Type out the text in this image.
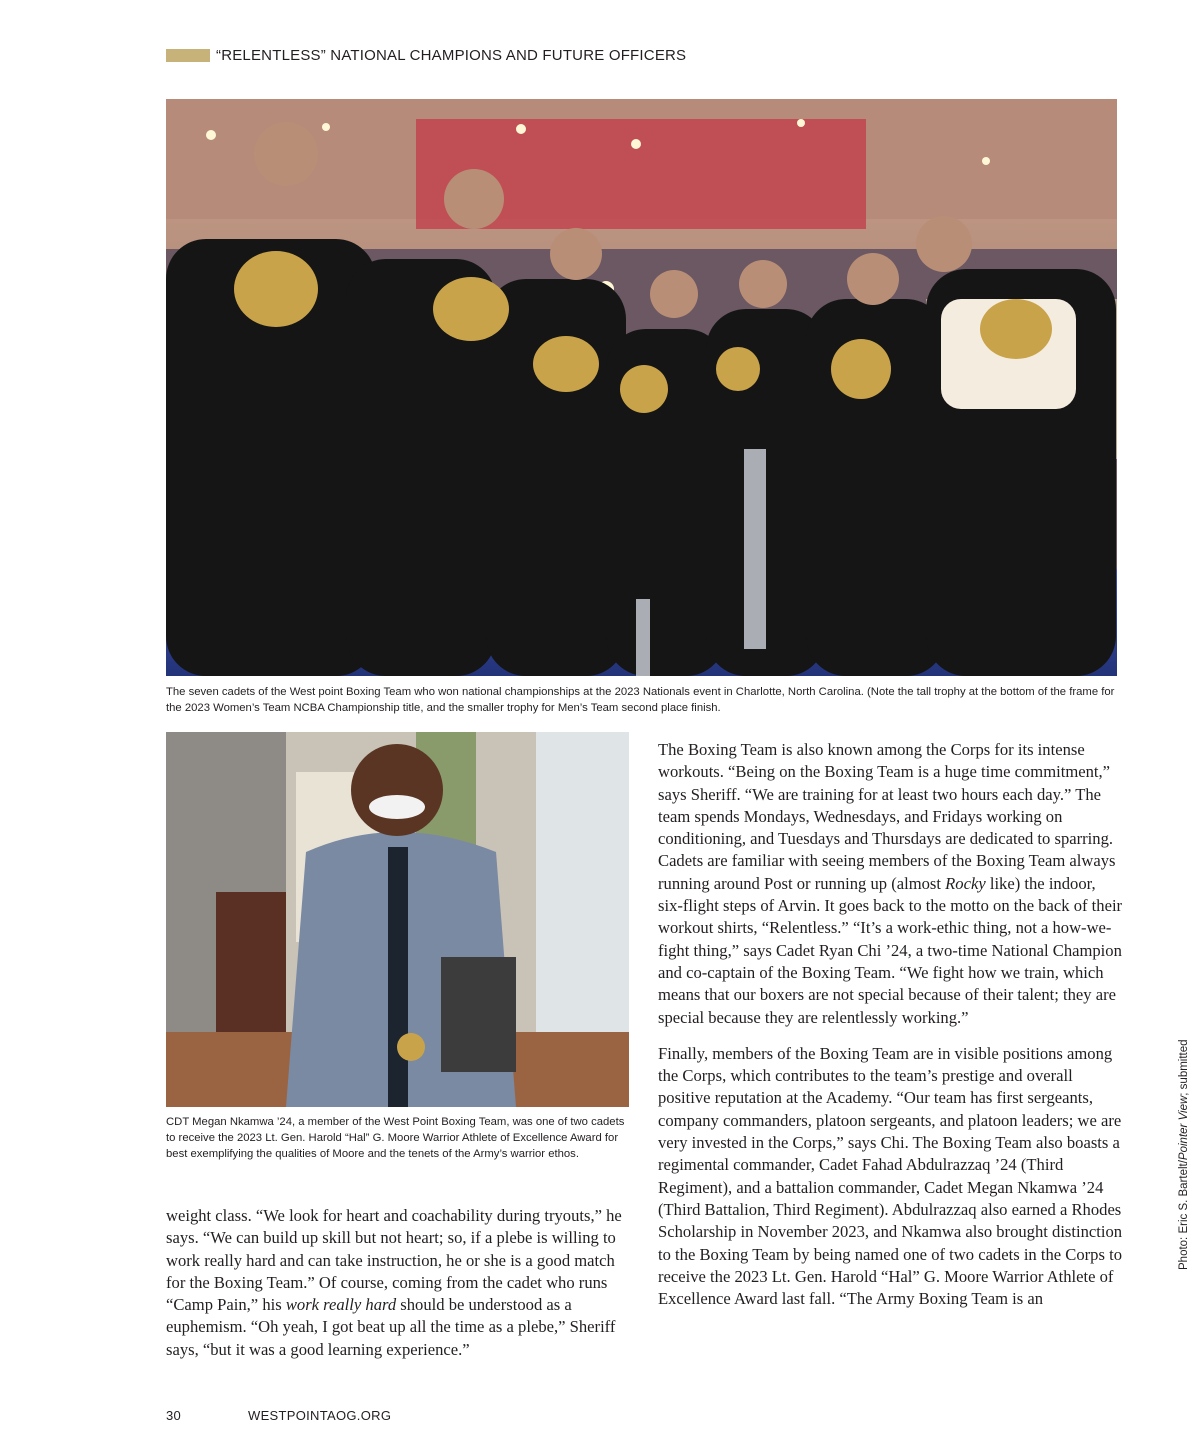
“RELENTLESS” NATIONAL CHAMPIONS AND FUTURE OFFICERS
The seven cadets of the West point Boxing Team who won national championships at the 2023 Nationals event in Charlotte, North Carolina. (Note the tall trophy at the bottom of the frame for the 2023 Women’s Team NCBA Championship title, and the smaller trophy for Men’s Team second place finish.
CDT Megan Nkamwa ’24, a member of the West Point Boxing Team, was one of two cadets to receive the 2023 Lt. Gen. Harold “Hal” G. Moore Warrior Athlete of Excellence Award for best exemplifying the qualities of Moore and the tenets of the Army’s warrior ethos.

weight class. “We look for heart and coachability during tryouts,” he says. “We can build up skill but not heart; so, if a plebe is willing to work really hard and can take instruction, he or she is a good match for the Boxing Team.” Of course, coming from the cadet who runs “Camp Pain,” his work really hard should be understood as a euphemism. “Oh yeah, I got beat up all the time as a plebe,” Sheriff says, “but it was a good learning experience.”

The Boxing Team is also known among the Corps for its intense workouts. “Being on the Boxing Team is a huge time commitment,” says Sheriff. “We are training for at least two hours each day.” The team spends Mondays, Wednesdays, and Fridays working on conditioning, and Tuesdays and Thursdays are dedicated to sparring. Cadets are familiar with seeing members of the Boxing Team always running around Post or running up (almost Rocky like) the indoor, six-flight steps of Arvin. It goes back to the motto on the back of their workout shirts, “Relentless.” “It’s a work-ethic thing, not a how-we-fight thing,” says Cadet Ryan Chi ’24, a two-time National Champion and co-captain of the Boxing Team. “We fight how we train, which means that our boxers are not special because of their talent; they are special because they are relentlessly working.”

Finally, members of the Boxing Team are in visible positions among the Corps, which contributes to the team’s prestige and overall positive reputation at the Academy. “Our team has first sergeants, company commanders, platoon sergeants, and platoon leaders; we are very invested in the Corps,” says Chi. The Boxing Team also boasts a regimental commander, Cadet Fahad Abdulrazzaq ’24 (Third Regiment), and a battalion commander, Cadet Megan Nkamwa ’24 (Third Battalion, Third Regiment). Abdulrazzaq also earned a Rhodes Scholarship in November 2023, and Nkamwa also brought distinction to the Boxing Team by being named one of two cadets in the Corps to receive the 2023 Lt. Gen. Harold “Hal” G. Moore Warrior Athlete of Excellence Award last fall. “The Army Boxing Team is an

30	WESTPOINTAOG.ORG
Photo: Eric S. Bartelt/Pointer View; submitted
